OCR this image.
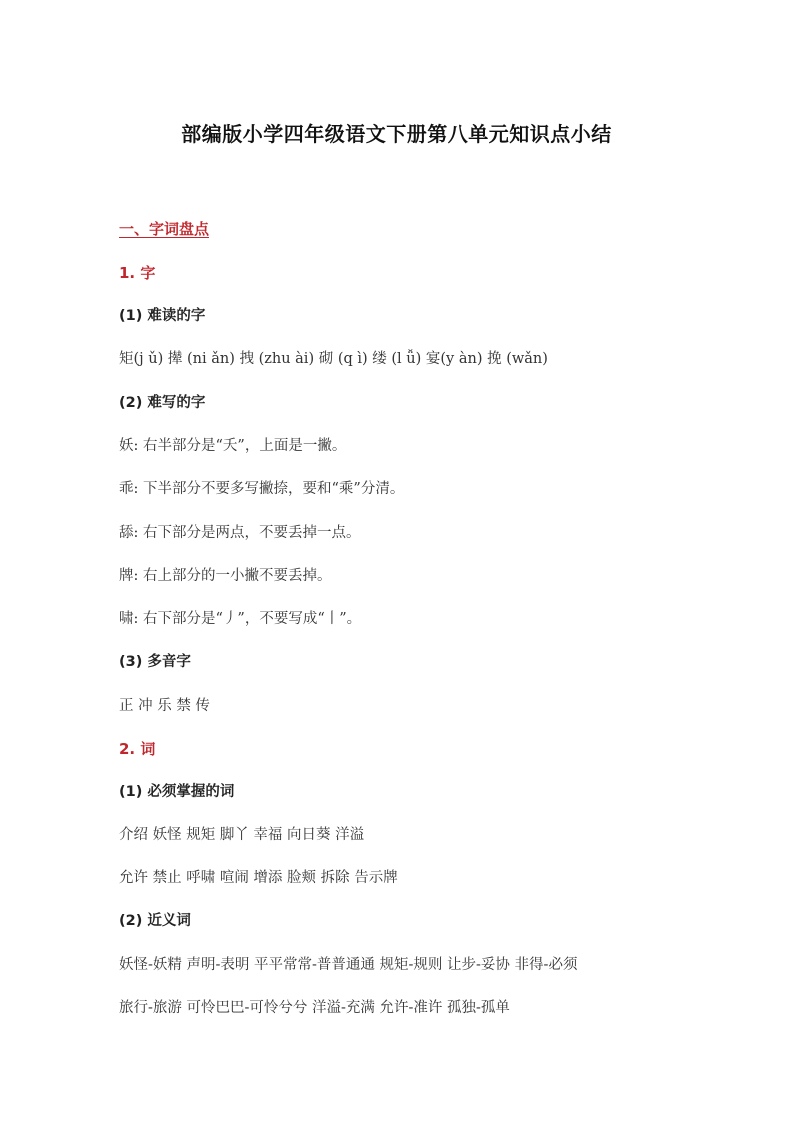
部编版小学四年级语文下册第八单元知识点小结
一、字词盘点
1. 字
(1) 难读的字
矩(j ǔ) 撵 (ni ǎn) 拽 (zhu ài) 砌 (q ì) 缕 (l ǚ) 宴(y àn) 挽 (wǎn)
(2) 难写的字
妖: 右半部分是“夭”，上面是一撇。
乖: 下半部分不要多写撇捺，要和“乘”分清。
舔: 右下部分是两点，不要丢掉一点。
牌: 右上部分的一小撇不要丢掉。
啸: 右下部分是“丿”，不要写成“丨”。
(3) 多音字
正 冲 乐 禁 传
2. 词
(1) 必须掌握的词
介绍 妖怪 规矩 脚丫 幸福 向日葵 洋溢
允许 禁止 呼啸 喧闹 增添 脸颊 拆除 告示牌
(2) 近义词
妖怪-妖精 声明-表明 平平常常-普普通通 规矩-规则 让步-妥协 非得-必须
旅行-旅游 可怜巴巴-可怜兮兮 洋溢-充满 允许-准许 孤独-孤单
